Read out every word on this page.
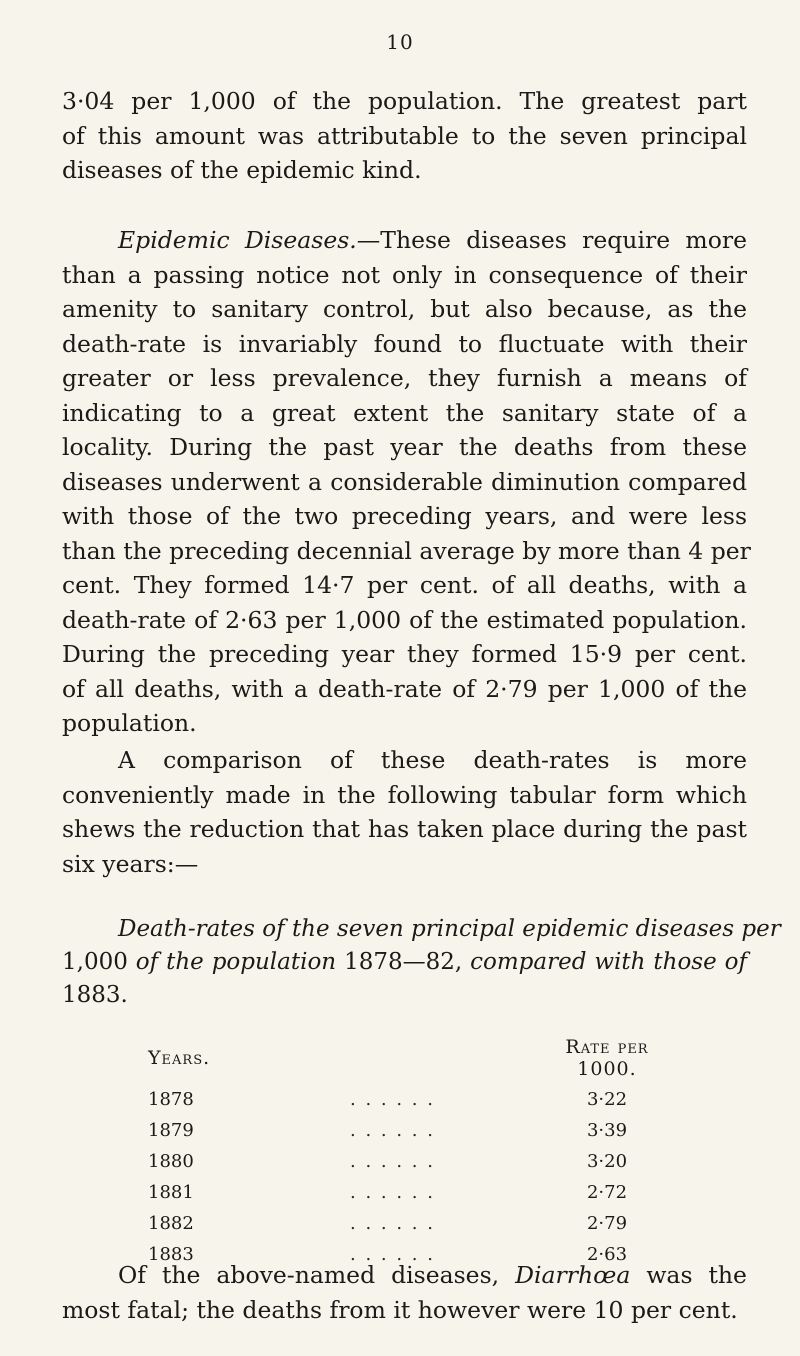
10
3·04 per 1,000 of the population. The greatest part
of this amount was attributable to the seven principal
diseases of the epidemic kind.
Epidemic Diseases.—These diseases require more
than a passing notice not only in consequence of their
amenity to sanitary control, but also because, as the
death-rate is invariably found to fluctuate with their
greater or less prevalence, they furnish a means of
indicating to a great extent the sanitary state of a
locality. During the past year the deaths from these
diseases underwent a considerable diminution compared
with those of the two preceding years, and were less
than the preceding decennial average by more than 4 per
cent. They formed 14·7 per cent. of all deaths, with a
death-rate of 2·63 per 1,000 of the estimated population.
During the preceding year they formed 15·9 per cent.
of all deaths, with a death-rate of 2·79 per 1,000 of the
population.
A comparison of these death-rates is more
conveniently made in the following tabular form which
shews the reduction that has taken place during the past
six years:—
Death-rates of the seven principal epidemic diseases per
1,000 of the population 1878—82, compared with those of
1883.
Years.		Rate per 1000.
1878	. . . . . .	3·22
1879	. . . . . .	3·39
1880	. . . . . .	3·20
1881	. . . . . .	2·72
1882	. . . . . .	2·79
1883	. . . . . .	2·63
Of the above-named diseases, Diarrhœa was the
most fatal; the deaths from it however were 10 per cent.
